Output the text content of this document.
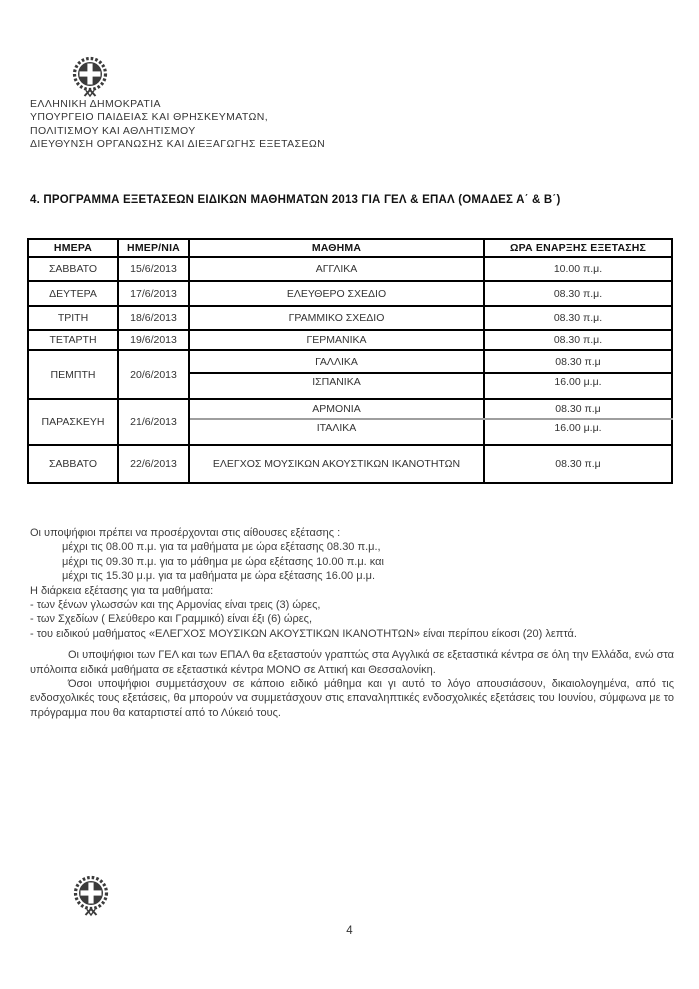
ΕΛΛΗΝΙΚΗ ΔΗΜΟΚΡΑΤΙΑ
ΥΠΟΥΡΓΕΙΟ ΠΑΙΔΕΙΑΣ ΚΑΙ ΘΡΗΣΚΕΥΜΑΤΩΝ,
ΠΟΛΙΤΙΣΜΟΥ ΚΑΙ ΑΘΛΗΤΙΣΜΟΥ
ΔΙΕΥΘΥΝΣΗ ΟΡΓΑΝΩΣΗΣ ΚΑΙ ΔΙΕΞΑΓΩΓΗΣ ΕΞΕΤΑΣΕΩΝ
4. ΠΡΟΓΡΑΜΜΑ ΕΞΕΤΑΣΕΩΝ ΕΙΔΙΚΩΝ ΜΑΘΗΜΑΤΩΝ 2013 ΓΙΑ ΓΕΛ & ΕΠΑΛ (ΟΜΑΔΕΣ Α΄ & Β΄)
ΗΜΕΡΑ	ΗΜΕΡ/ΝΙΑ	ΜΑΘΗΜΑ	ΩΡΑ ΕΝΑΡΞΗΣ ΕΞΕΤΑΣΗΣ
ΣΑΒΒΑΤΟ	15/6/2013	ΑΓΓΛΙΚΑ	10.00 π.μ.
ΔΕΥΤΕΡΑ	17/6/2013	ΕΛΕΥΘΕΡΟ ΣΧΕΔΙΟ	08.30 π.μ.
ΤΡΙΤΗ	18/6/2013	ΓΡΑΜΜΙΚΟ ΣΧΕΔΙΟ	08.30 π.μ.
ΤΕΤΑΡΤΗ	19/6/2013	ΓΕΡΜΑΝΙΚΑ	08.30 π.μ.
ΠΕΜΠΤΗ	20/6/2013	ΓΑΛΛΙΚΑ	08.30 π.μ
		ΙΣΠΑΝΙΚΑ	16.00 μ.μ.
ΠΑΡΑΣΚΕΥΗ	21/6/2013	ΑΡΜΟΝΙΑ	08.30 π.μ
		ΙΤΑΛΙΚΑ	16.00 μ.μ.
ΣΑΒΒΑΤΟ	22/6/2013	ΕΛΕΓΧΟΣ ΜΟΥΣΙΚΩΝ ΑΚΟΥΣΤΙΚΩΝ ΙΚΑΝΟΤΗΤΩΝ	08.30 π.μ
Οι υποψήφιοι πρέπει να προσέρχονται στις αίθουσες εξέτασης :
μέχρι τις 08.00 π.μ. για τα μαθήματα με ώρα εξέτασης 08.30 π.μ.,
μέχρι τις 09.30 π.μ. για το μάθημα με ώρα εξέτασης 10.00 π.μ. και
μέχρι τις 15.30 μ.μ. για τα μαθήματα με ώρα εξέτασης 16.00 μ.μ.
Η διάρκεια εξέτασης για τα μαθήματα:
- των ξένων γλωσσών και της Αρμονίας είναι τρεις (3) ώρες,
- των Σχεδίων ( Ελεύθερο και Γραμμικό) είναι έξι (6) ώρες,
- του ειδικού μαθήματος «ΕΛΕΓΧΟΣ ΜΟΥΣΙΚΩΝ ΑΚΟΥΣΤΙΚΩΝ ΙΚΑΝΟΤΗΤΩΝ» είναι περίπου είκοσι (20) λεπτά.

Οι υποψήφιοι των ΓΕΛ και των ΕΠΑΛ θα εξεταστούν γραπτώς στα Αγγλικά σε εξεταστικά κέντρα σε όλη την Ελλάδα, ενώ στα υπόλοιπα ειδικά μαθήματα σε εξεταστικά κέντρα ΜΟΝΟ σε Αττική και Θεσσαλονίκη.

Όσοι υποψήφιοι συμμετάσχουν σε κάποιο ειδικό μάθημα και γι αυτό το λόγο απουσιάσουν, δικαιολογημένα, από τις ενδοσχολικές τους εξετάσεις, θα μπορούν να συμμετάσχουν στις επαναληπτικές ενδοσχολικές εξετάσεις του Ιουνίου, σύμφωνα με το πρόγραμμα που θα καταρτιστεί από το Λύκειό τους.

4
